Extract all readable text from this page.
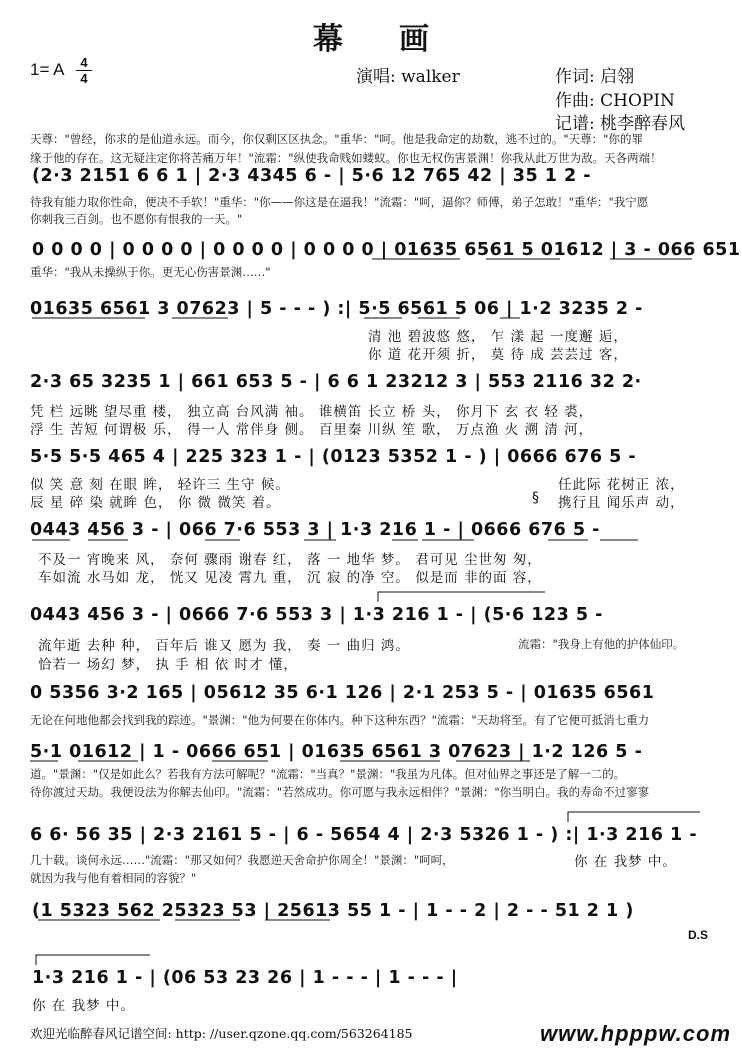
幕画
1= A	4
4	演唱: walker	作词: 启翎
作曲: CHOPIN
记谱: 桃李醉春风
天尊："曾经，你求的是仙道永远。而今，你仅剩区区执念。"重华："呵。他是我命定的劫数，逃不过的。"天尊："你的罪
缘于他的存在。这无疑注定你将苦痛万年！"流霜："纵使我命贱如蝼蚁。你也无权伤害景渊！你我从此万世为敌。天各两端！
(2·3 2151 6 6 1 | 2·3 4345 6 - | 5·6 12 765 42 | 35 1 2 -
待我有能力取你性命，便决不手软！"重华："你——你这是在逼我！"流霜："呵，逼你？师傅，弟子怎敢！"重华："我宁愿
你刺我三百剑。也不愿你有恨我的一天。"
0 0 0 0 | 0 0 0 0 | 0 0 0 0 | 0 0 0 0 | 01635 6561 5 01612 | 3 - 066 651
重华："我从未操纵于你。更无心伤害景渊……"
01635 6561 3 07623 | 5 - - - ) :| 5·5 6561 5 06 | 1·2 3235 2 -
清 池 碧波悠 悠， 乍 漾 起 一度邂 逅，
你 道 花开须 折， 莫 待 成 芸芸过 客，
2·3 65 3235 1 | 661 653 5 - | 6 6 1 23212 3 | 553 2116 32 2·
凭 栏 远眺 望尽重 楼， 独立高 台风满 袖。 谁横笛 长立 桥 头， 你月下 玄 衣 轻 裘，
浮 生 苦短 何谓极 乐， 得一人 常伴身 侧。 百里秦 川纵 笙 歌， 万点渔 火 溯 清 河，
5·5 5·5 465 4 | 225 323 1 - | (0123 5352 1 - ) | 0666 676 5 -
似 笑 意 刻 在眼 眸， 轻许三 生守 候。
辰 星 碎 染 就眸 色， 你 微 微笑 着。
任此际 花树正 浓，
§ 携行且 闻乐声 动，
0443 456 3 - | 066 7·6 553 3 | 1·3 216 1 - | 0666 676 5 -
不及一 宵晚来 风， 奈何 骤雨 谢春 红， 落 一 地华 梦。 君可见 尘世匆 匆，
车如流 水马如 龙， 恍又 见凌 霄九 重， 沉 寂 的净 空。 似是而 非的面 容，
0443 456 3 - | 0666 7·6 553 3 | 1·3 216 1 - | (5·6 123 5 -
流年逝 去种 种， 百年后 谁又 愿为 我， 奏 一 曲归 鸿。	流霜："我身上有他的护体仙印。
恰若一 场幻 梦， 执 手 相 依 时才 懂，
0 5356 3·2 165 | 05612 35 6·1 126 | 2·1 253 5 - | 01635 6561
无论在何地他都会找到我的踪迹。"景渊："他为何要在你体内。种下这种东西？"流霜："天劫将至。有了它便可抵消七重力
5·1 01612 | 1 - 0666 651 | 01635 6561 3 07623 | 1·2 126 5 -
道。"景渊："仅是如此么？若我有方法可解呢？"流霜："当真？"景渊："我虽为凡体。但对仙界之事还是了解一二的。
待你渡过天劫。我便设法为你解去仙印。"流霜："若然成功。你可愿与我永远相伴？"景渊："你当明白。我的寿命不过寥寥
6 6· 56 35 | 2·3 2161 5 - | 6 - 5654 4 | 2·3 5326 1 - ) :| 1·3 216 1 -
几十载。谈何永远……"流霜："那又如何？我愿逆天舍命护你周全！"景渊："呵呵，	你 在 我梦 中。
就因为我与他有着相同的容貌？"
(1 5323 562 25323 53 | 25613 55 1 - | 1 - - 2 | 2 - - 51 2 1 )
D.S
1·3 216 1 - | (06 53 23 26 | 1 - - - | 1 - - - |
你 在 我梦 中。
欢迎光临醉春风记谱空间: http: //user.qzone.qq.com/563264185	www.hpppw.com
